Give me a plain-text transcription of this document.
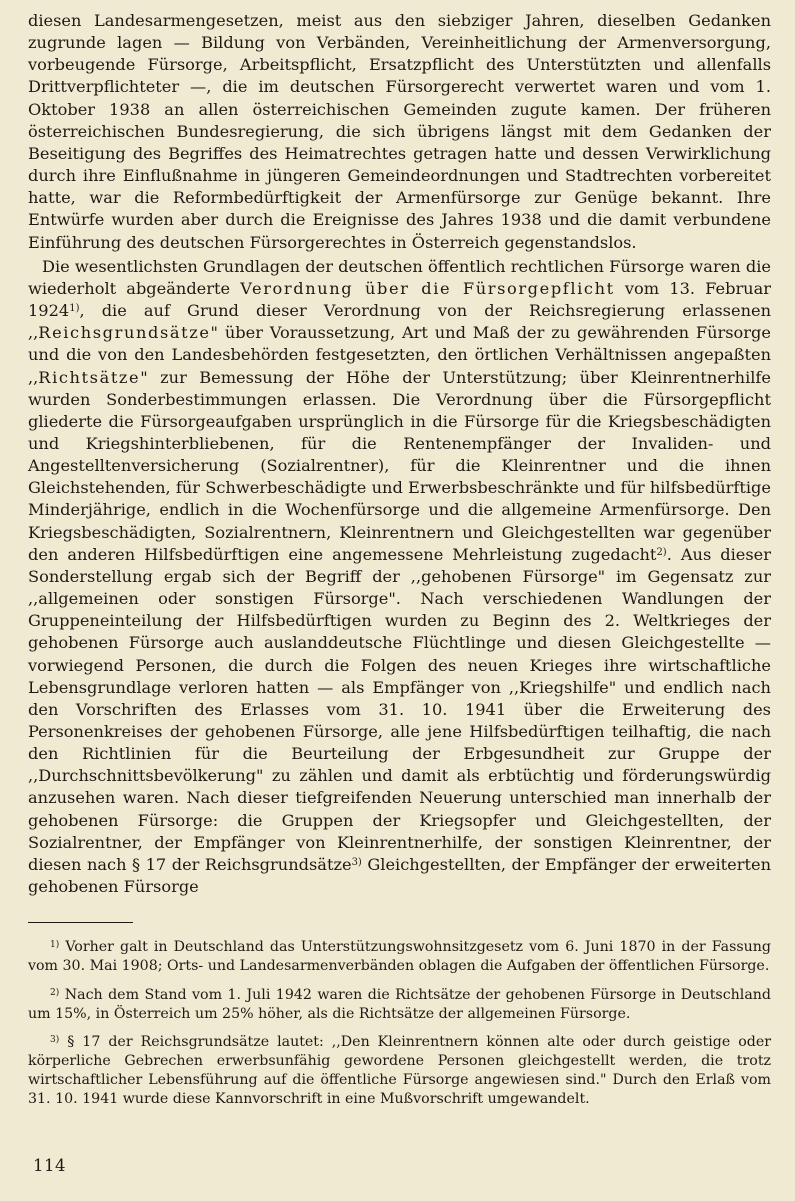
diesen Landesarmengesetzen, meist aus den siebziger Jahren, dieselben Gedanken zugrunde lagen — Bildung von Verbänden, Vereinheitlichung der Armenversorgung, vorbeugende Fürsorge, Arbeitspflicht, Ersatzpflicht des Unterstützten und allenfalls Drittverpflichteter —, die im deutschen Fürsorgerecht verwertet waren und vom 1. Oktober 1938 an allen österreichischen Gemeinden zugute kamen. Der früheren österreichischen Bundesregierung, die sich übrigens längst mit dem Gedanken der Beseitigung des Begriffes des Heimatrechtes getragen hatte und dessen Verwirklichung durch ihre Einflußnahme in jüngeren Gemeindeordnungen und Stadtrechten vorbereitet hatte, war die Reformbedürftigkeit der Armenfürsorge zur Genüge bekannt. Ihre Entwürfe wurden aber durch die Ereignisse des Jahres 1938 und die damit verbundene Einführung des deutschen Fürsorgerechtes in Österreich gegenstandslos.

Die wesentlichsten Grundlagen der deutschen öffentlich rechtlichen Fürsorge waren die wiederholt abgeänderte Verordnung über die Fürsorgepflicht vom 13. Februar 1924$^{1)}$, die auf Grund dieser Verordnung von der Reichsregierung erlassenen ,,Reichsgrundsätze" über Voraussetzung, Art und Maß der zu gewährenden Fürsorge und die von den Landesbehörden festgesetzten, den örtlichen Verhältnissen angepaßten ,,Richtsätze" zur Bemessung der Höhe der Unterstützung; über Kleinrentnerhilfe wurden Sonderbestimmungen erlassen. Die Verordnung über die Fürsorgepflicht gliederte die Fürsorgeaufgaben ursprünglich in die Fürsorge für die Kriegsbeschädigten und Kriegshinterbliebenen, für die Rentenempfänger der Invaliden- und Angestelltenversicherung (Sozialrentner), für die Kleinrentner und die ihnen Gleichstehenden, für Schwerbeschädigte und Erwerbsbeschränkte und für hilfsbedürftige Minderjährige, endlich in die Wochenfürsorge und die allgemeine Armenfürsorge. Den Kriegsbeschädigten, Sozialrentnern, Kleinrentnern und Gleichgestellten war gegenüber den anderen Hilfsbedürftigen eine angemessene Mehrleistung zugedacht$^{2)}$. Aus dieser Sonderstellung ergab sich der Begriff der ,,gehobenen Fürsorge" im Gegensatz zur ,,allgemeinen oder sonstigen Fürsorge". Nach verschiedenen Wandlungen der Gruppeneinteilung der Hilfsbedürftigen wurden zu Beginn des 2. Weltkrieges der gehobenen Fürsorge auch auslanddeutsche Flüchtlinge und diesen Gleichgestellte — vorwiegend Personen, die durch die Folgen des neuen Krieges ihre wirtschaftliche Lebensgrundlage verloren hatten — als Empfänger von ,,Kriegshilfe" und endlich nach den Vorschriften des Erlasses vom 31. 10. 1941 über die Erweiterung des Personenkreises der gehobenen Fürsorge, alle jene Hilfsbedürftigen teilhaftig, die nach den Richtlinien für die Beurteilung der Erbgesundheit zur Gruppe der ,,Durchschnittsbevölkerung" zu zählen und damit als erbtüchtig und förderungswürdig anzusehen waren. Nach dieser tiefgreifenden Neuerung unterschied man innerhalb der gehobenen Fürsorge: die Gruppen der Kriegsopfer und Gleichgestellten, der Sozialrentner, der Empfänger von Kleinrentnerhilfe, der sonstigen Kleinrentner, der diesen nach § 17 der Reichsgrundsätze$^{3)}$ Gleichgestellten, der Empfänger der erweiterten gehobenen Fürsorge

$^{1)}$ Vorher galt in Deutschland das Unterstützungswohnsitzgesetz vom 6. Juni 1870 in der Fassung vom 30. Mai 1908; Orts- und Landesarmenverbänden oblagen die Aufgaben der öffentlichen Fürsorge.

$^{2)}$ Nach dem Stand vom 1. Juli 1942 waren die Richtsätze der gehobenen Fürsorge in Deutschland um 15%, in Österreich um 25% höher, als die Richtsätze der allgemeinen Fürsorge.

$^{3)}$ § 17 der Reichsgrundsätze lautet: ,,Den Kleinrentnern können alte oder durch geistige oder körperliche Gebrechen erwerbsunfähig gewordene Personen gleichgestellt werden, die trotz wirtschaftlicher Lebensführung auf die öffentliche Fürsorge angewiesen sind." Durch den Erlaß vom 31. 10. 1941 wurde diese Kannvorschrift in eine Mußvorschrift umgewandelt.

114
